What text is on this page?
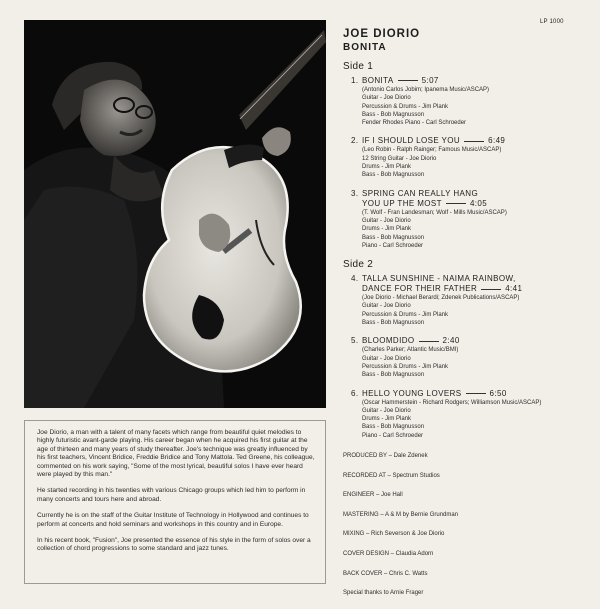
Joe Diorio, a man with a talent of many facets which range from beautiful quiet melodies to highly futuristic avant-garde playing. His career began when he acquired his first guitar at the age of thirteen and many years of study thereafter. Joe's technique was greatly influenced by his first teachers, Vincent Bridice, Freddie Bridice and Tony Mattola. Ted Greene, his colleague, commented on his work saying, "Some of the most lyrical, beautiful solos I have ever heard were played by this man."

He started recording in his twenties with various Chicago groups which led him to perform in many concerts and tours here and abroad.

Currently he is on the staff of the Guitar Institute of Technology in Hollywood and continues to perform at concerts and hold seminars and workshops in this country and in Europe.

In his recent book, "Fusion", Joe presented the essence of his style in the form of solos over a collection of chord progressions to some standard and jazz tunes.

LP 1000
JOE DIORIO
BONITA
Side 1
1. BONITA	5:07
(Antonio Carlos Jobim; Ipanema Music/ASCAP)
Guitar - Joe Diorio
Percussion & Drums - Jim Plank
Bass - Bob Magnusson
Fender Rhodes Piano - Carl Schroeder
2. IF I SHOULD LOSE YOU	6:49
(Leo Robin - Ralph Rainger; Famous Music/ASCAP)
12 String Guitar - Joe Diorio
Drums - Jim Plank
Bass - Bob Magnusson
3. SPRING CAN REALLY HANG
YOU UP THE MOST	4:05
(T. Wolf - Fran Landesman; Wolf - Mills Music/ASCAP)
Guitar - Joe Diorio
Drums - Jim Plank
Bass - Bob Magnusson
Piano - Carl Schroeder
Side 2
4. TALLA SUNSHINE - NAIMA RAINBOW,
DANCE FOR THEIR FATHER	4:41
(Joe Diorio - Michael Berardi; Zdenek Publications/ASCAP)
Guitar - Joe Diorio
Percussion & Drums - Jim Plank
Bass - Bob Magnusson
5. BLOOMDIDO	2:40
(Charles Parker; Atlantic Music/BMI)
Guitar - Joe Diorio
Percussion & Drums - Jim Plank
Bass - Bob Magnusson
6. HELLO YOUNG LOVERS	6:50
(Oscar Hammerstein - Richard Rodgers; Williamson Music/ASCAP)
Guitar - Joe Diorio
Drums - Jim Plank
Bass - Bob Magnusson
Piano - Carl Schroeder
PRODUCED BY – Dale Zdenek
RECORDED AT – Spectrum Studios
ENGINEER – Joe Hall
MASTERING – A & M by Bernie Grundman
MIXING – Rich Severson & Joe Diorio
COVER DESIGN – Claudia Adorn
BACK COVER – Chris C. Watts
Special thanks to Arnie Frager
